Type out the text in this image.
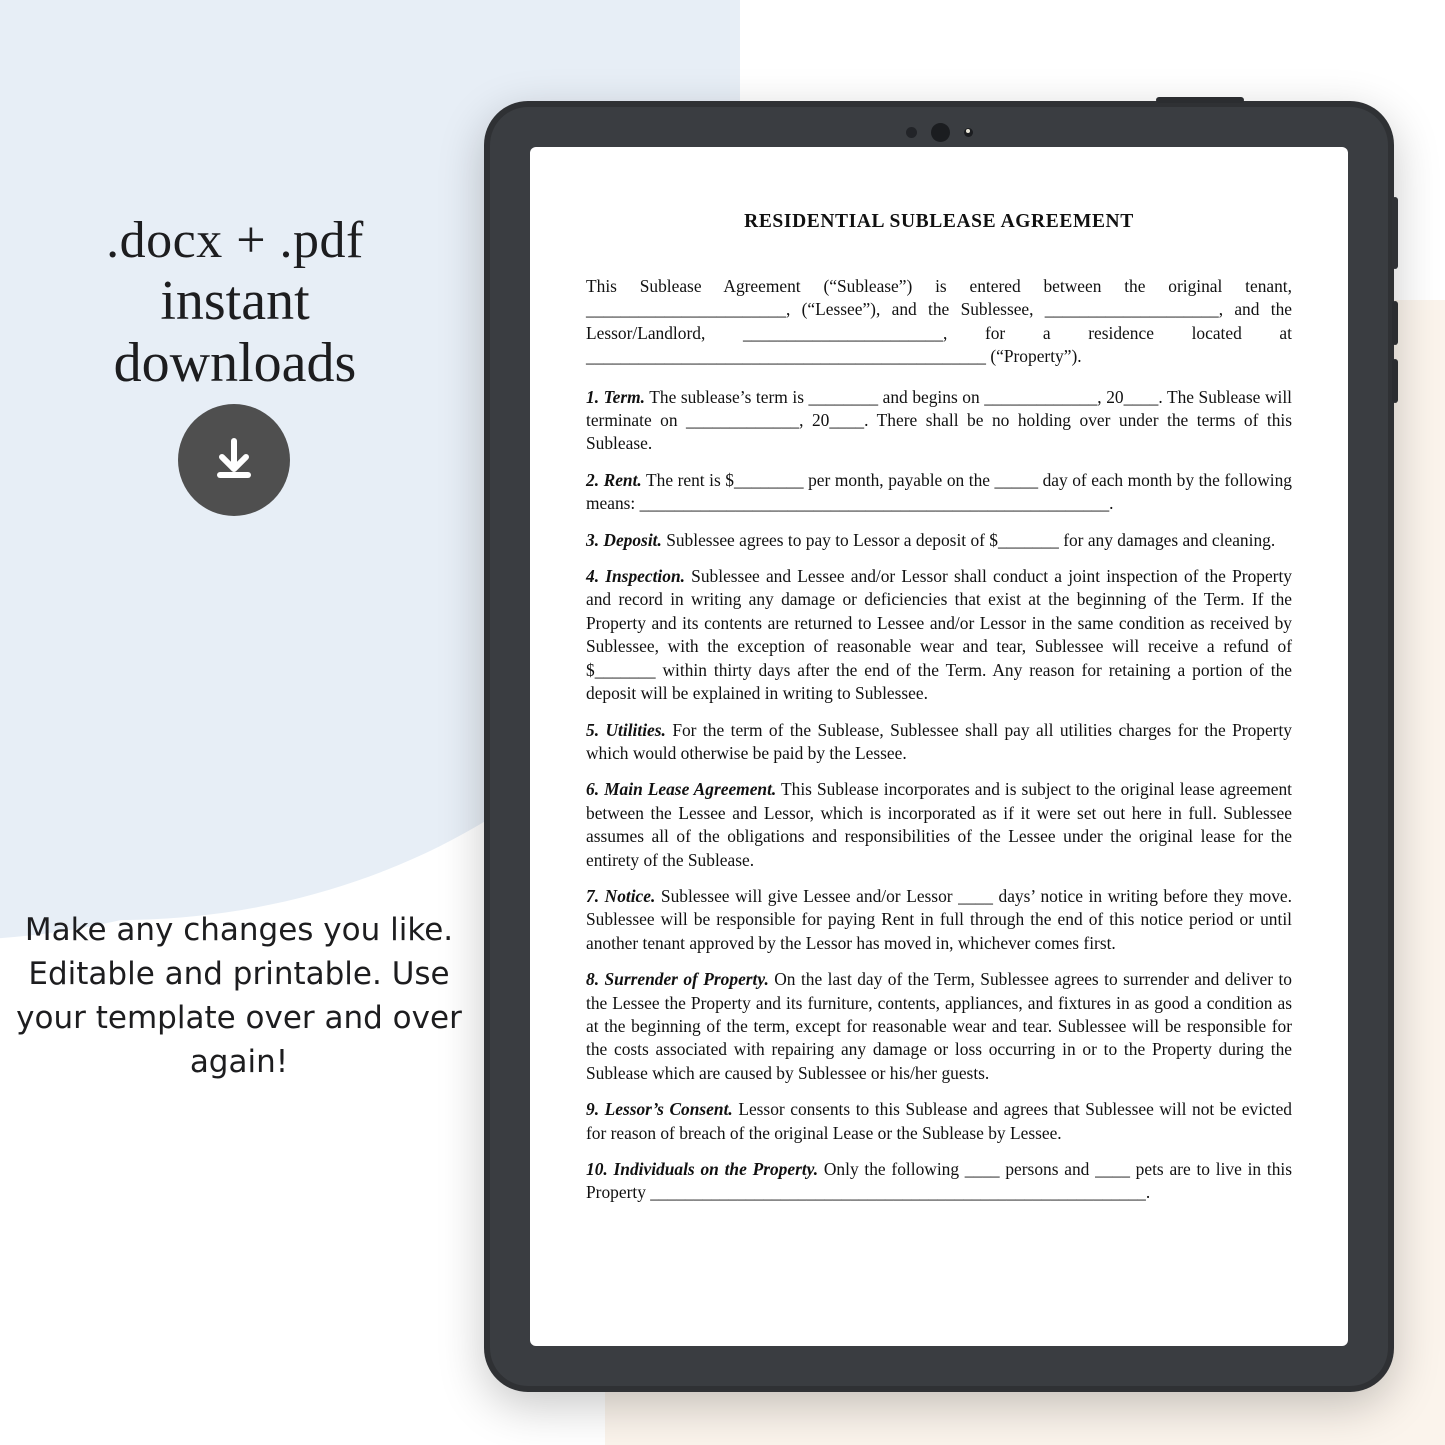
.docx + .pdf
instant
downloads
Make any changes you like. Editable and printable. Use your template over and over again!
RESIDENTIAL SUBLEASE AGREEMENT

This Sublease Agreement (“Sublease”) is entered between the original tenant, _______________________, (“Lessee”), and the Sublessee, ____________________, and the Lessor/Landlord, _______________________, for a residence located at ______________________________________________ (“Property”).

1. Term. The sublease’s term is ________ and begins on _____________, 20____. The Sublease will terminate on _____________, 20____. There shall be no holding over under the terms of this Sublease.

2. Rent. The rent is $________ per month, payable on the _____ day of each month by the following means: ______________________________________________________.

3. Deposit. Sublessee agrees to pay to Lessor a deposit of $_______ for any damages and cleaning.

4. Inspection. Sublessee and Lessee and/or Lessor shall conduct a joint inspection of the Property and record in writing any damage or deficiencies that exist at the beginning of the Term. If the Property and its contents are returned to Lessee and/or Lessor in the same condition as received by Sublessee, with the exception of reasonable wear and tear, Sublessee will receive a refund of $_______ within thirty days after the end of the Term. Any reason for retaining a portion of the deposit will be explained in writing to Sublessee.

5. Utilities. For the term of the Sublease, Sublessee shall pay all utilities charges for the Property which would otherwise be paid by the Lessee.

6. Main Lease Agreement. This Sublease incorporates and is subject to the original lease agreement between the Lessee and Lessor, which is incorporated as if it were set out here in full. Sublessee assumes all of the obligations and responsibilities of the Lessee under the original lease for the entirety of the Sublease.

7. Notice. Sublessee will give Lessee and/or Lessor ____ days’ notice in writing before they move. Sublessee will be responsible for paying Rent in full through the end of this notice period or until another tenant approved by the Lessor has moved in, whichever comes first.

8. Surrender of Property. On the last day of the Term, Sublessee agrees to surrender and deliver to the Lessee the Property and its furniture, contents, appliances, and fixtures in as good a condition as at the beginning of the term, except for reasonable wear and tear. Sublessee will be responsible for the costs associated with repairing any damage or loss occurring in or to the Property during the Sublease which are caused by Sublessee or his/her guests.

9. Lessor’s Consent. Lessor consents to this Sublease and agrees that Sublessee will not be evicted for reason of breach of the original Lease or the Sublease by Lessee.

10. Individuals on the Property. Only the following ____ persons and ____ pets are to live in this Property _________________________________________________________.
